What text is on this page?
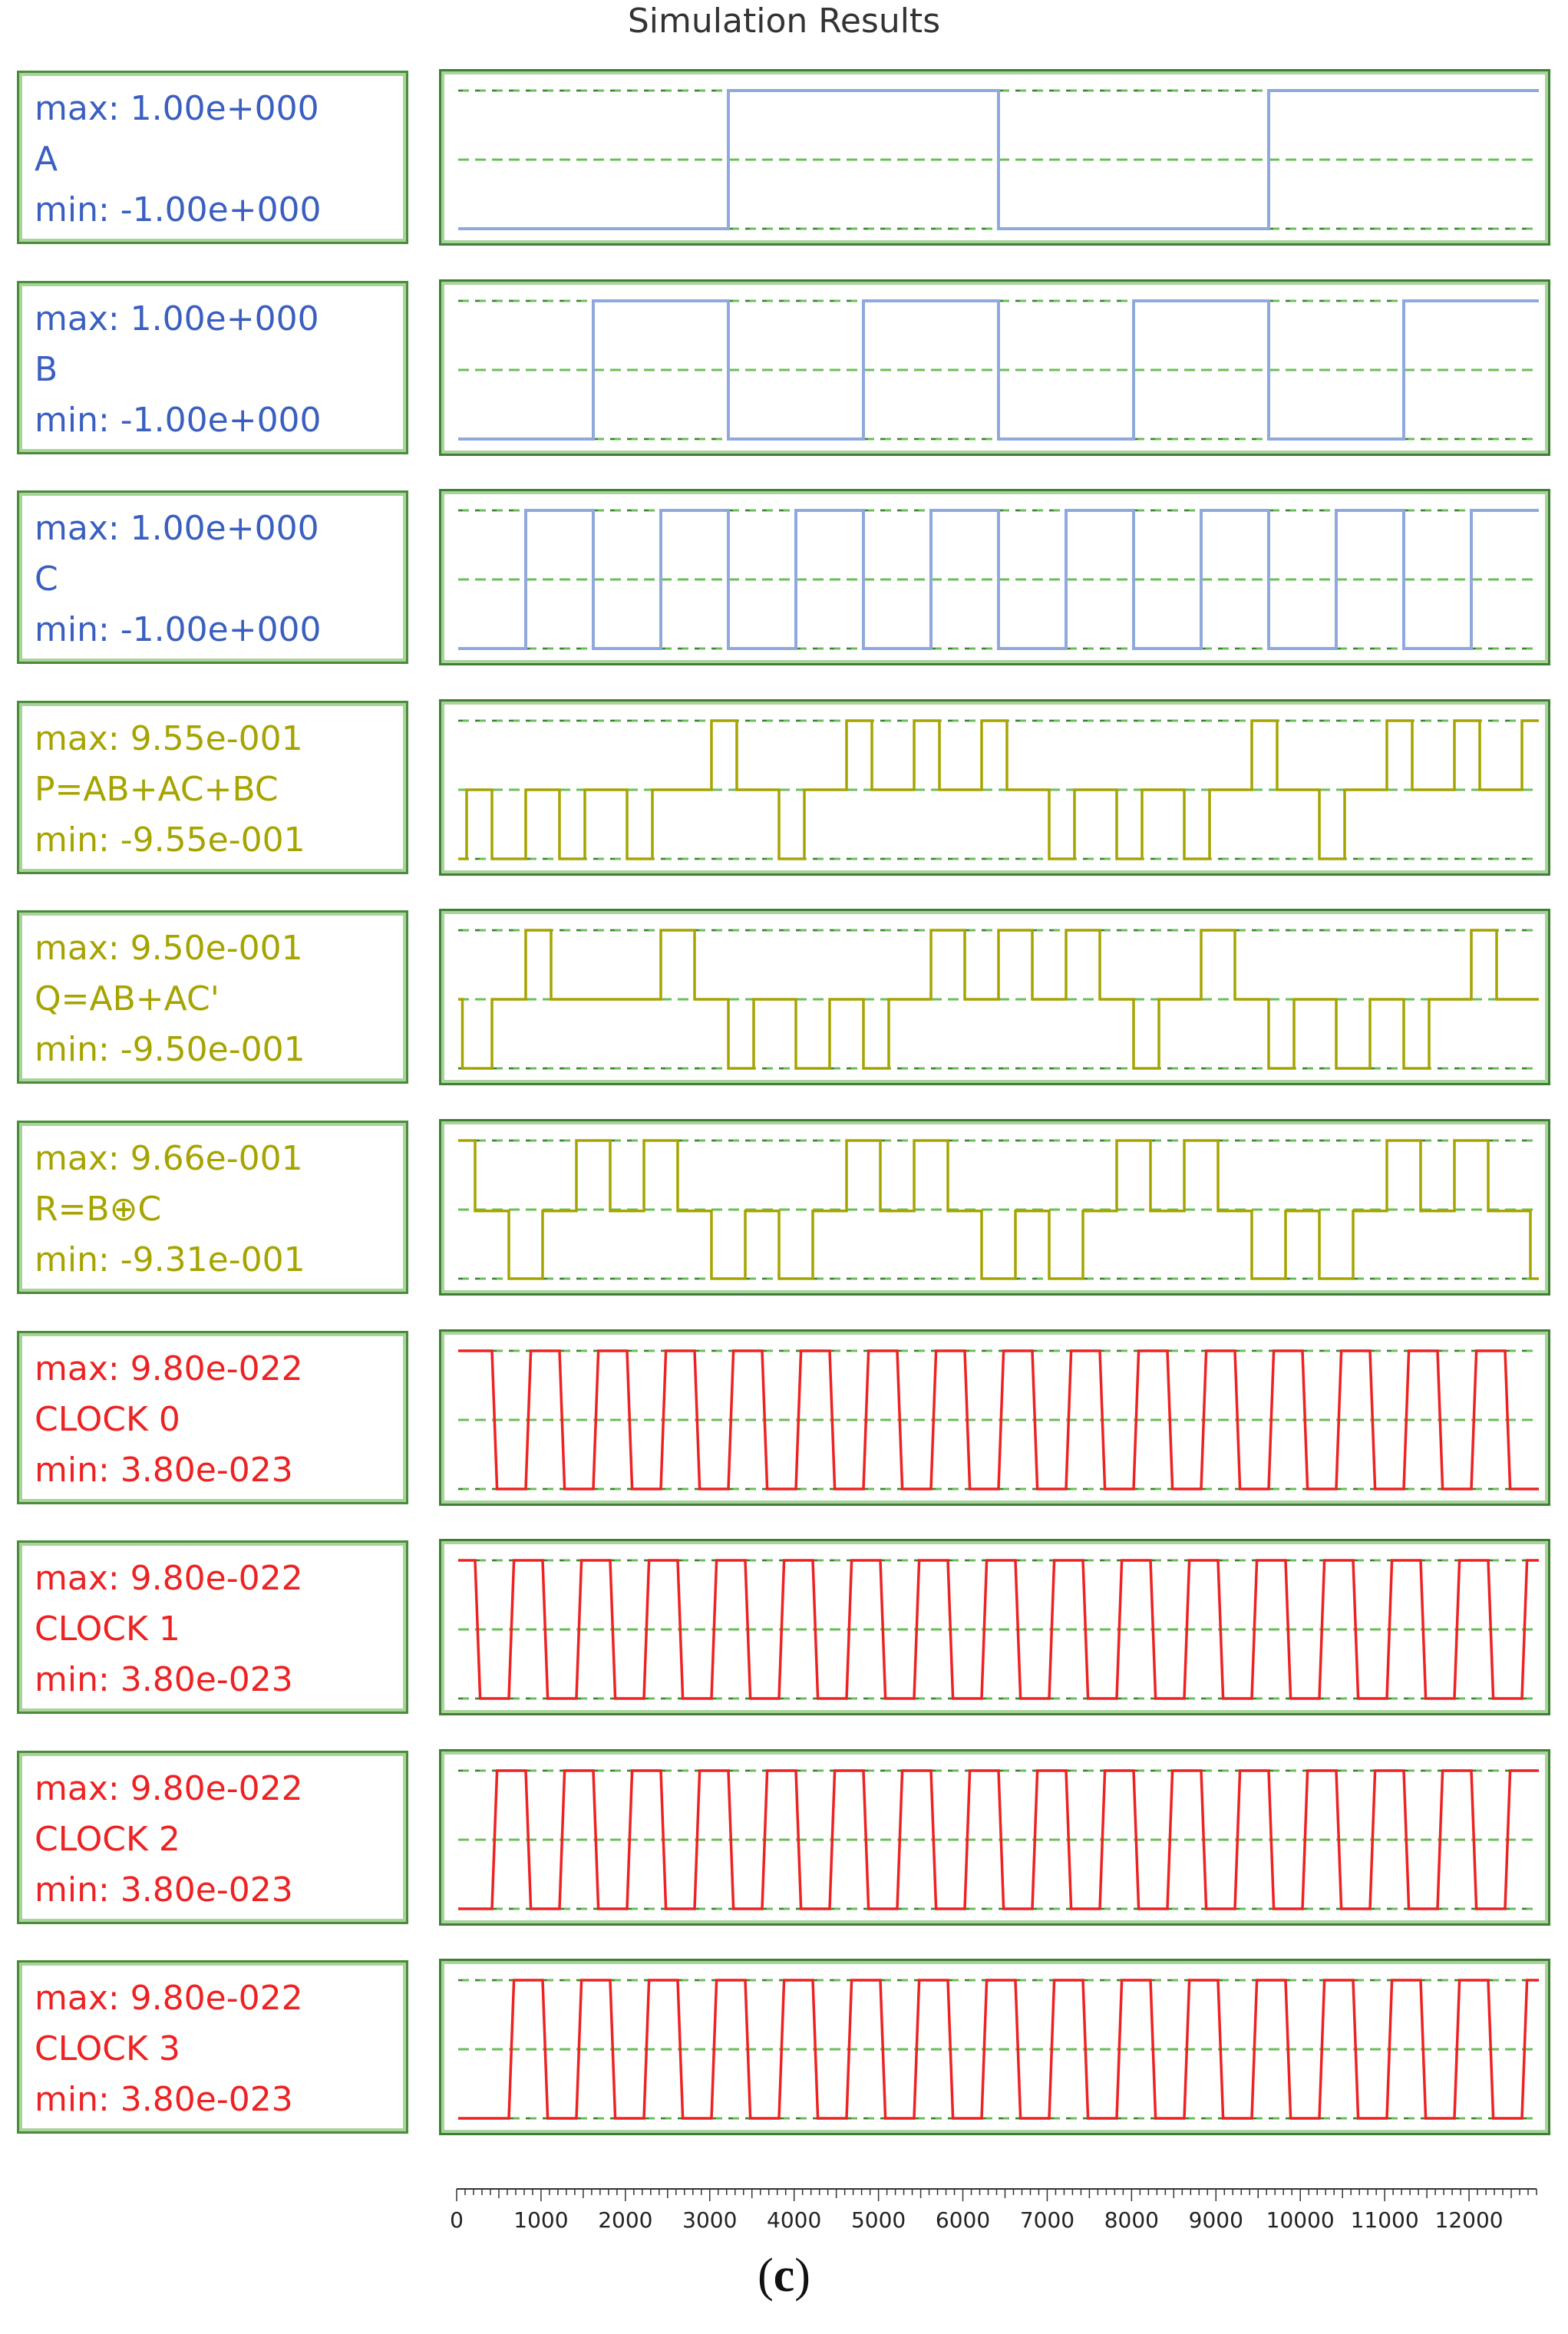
Simulation Results
max: 1.00e+000
A
min: -1.00e+000
max: 1.00e+000
B
min: -1.00e+000
max: 1.00e+000
C
min: -1.00e+000
max: 9.55e-001
P=AB+AC+BC
min: -9.55e-001
max: 9.50e-001
Q=AB+AC'
min: -9.50e-001
max: 9.66e-001
R=B⊕C
min: -9.31e-001
max: 9.80e-022
CLOCK 0
min: 3.80e-023
max: 9.80e-022
CLOCK 1
min: 3.80e-023
max: 9.80e-022
CLOCK 2
min: 3.80e-023
max: 9.80e-022
CLOCK 3
min: 3.80e-023
0 1000 2000 3000 4000 5000 6000 7000 8000 9000 10000 11000 12000
(c)
